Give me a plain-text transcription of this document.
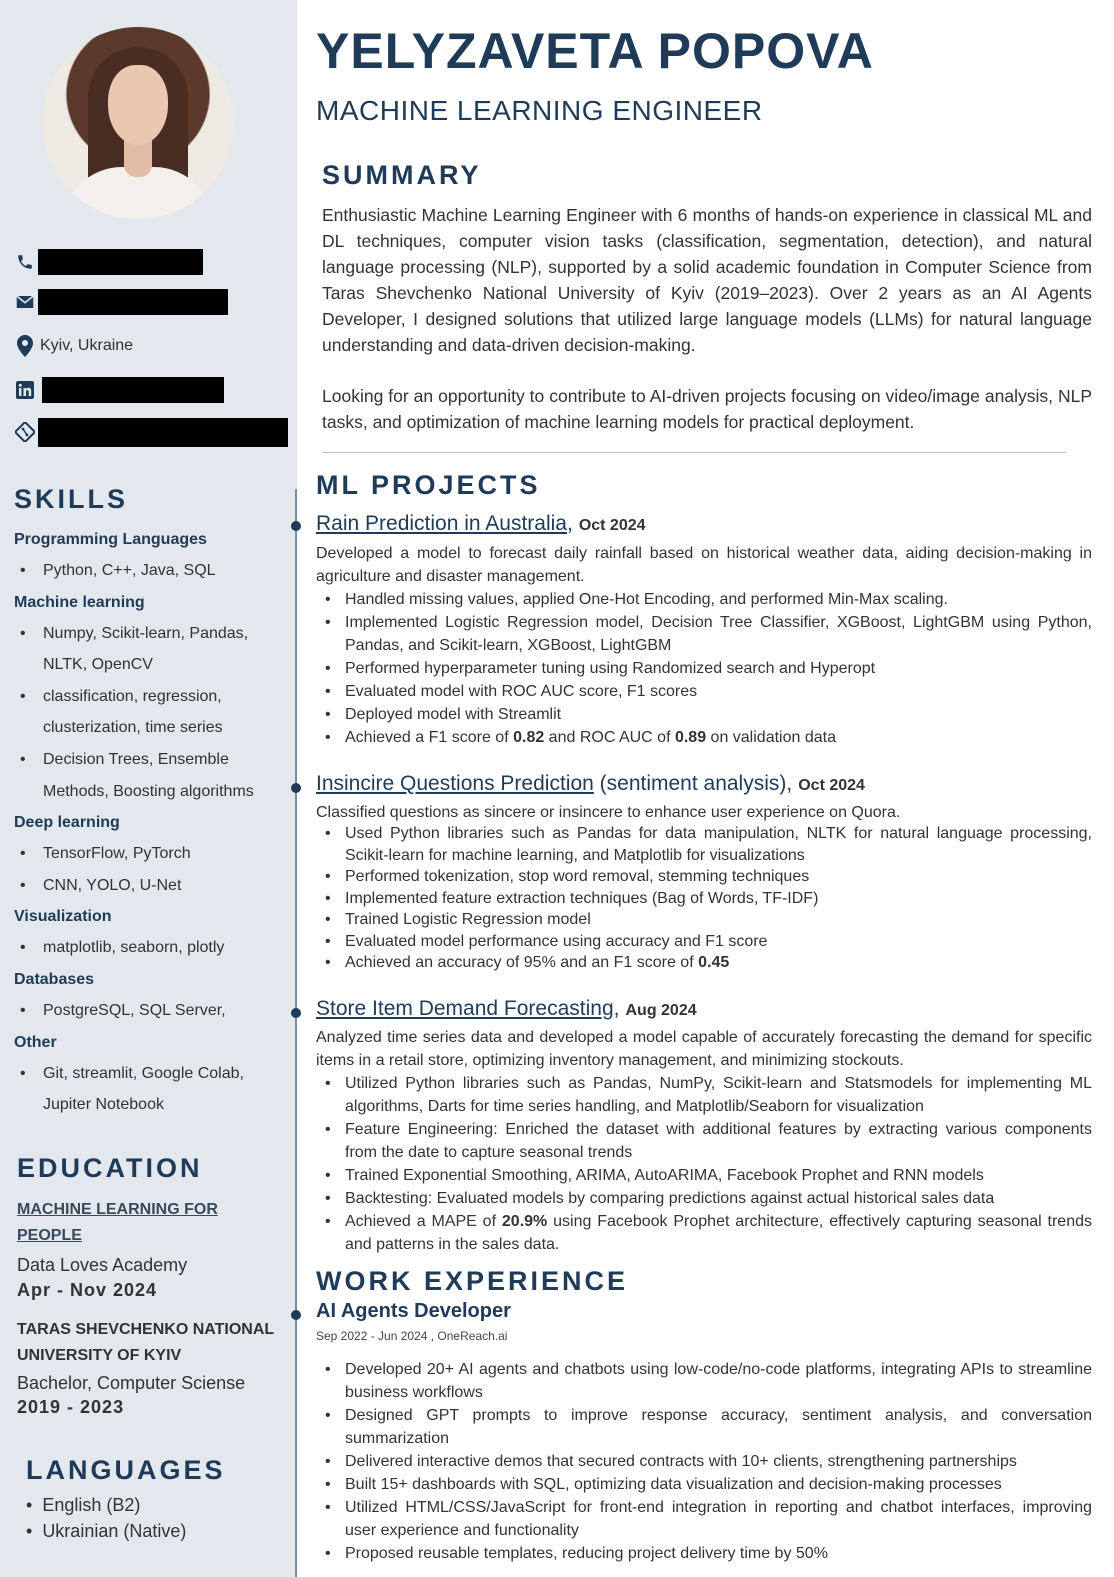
Kyiv, Ukraine
SKILLS
Programming Languages
• Python, C++, Java, SQL
Machine learning
• Numpy, Scikit-learn, Pandas, NLTK, OpenCV
• classification, regression, clusterization, time series
• Decision Trees, Ensemble Methods, Boosting algorithms
Deep learning
• TensorFlow, PyTorch
• CNN, YOLO, U-Net
Visualization
• matplotlib, seaborn, plotly
Databases
• PostgreSQL, SQL Server,
Other
• Git, streamlit, Google Colab, Jupiter Notebook
EDUCATION
MACHINE LEARNING FOR PEOPLE
Data Loves Academy
Apr - Nov 2024
TARAS SHEVCHENKO NATIONAL UNIVERSITY OF KYIV
Bachelor, Computer Sciense
2019 - 2023
LANGUAGES
•  English (B2)
•  Ukrainian (Native)
YELYZAVETA POPOVA
MACHINE LEARNING ENGINEER
SUMMARY

Enthusiastic Machine Learning Engineer with 6 months of hands-on experience in classical ML and DL techniques, computer vision tasks (classification, segmentation, detection), and natural language processing (NLP), supported by a solid academic foundation in Computer Science from Taras Shevchenko National University of Kyiv (2019–2023). Over 2 years as an AI Agents Developer, I designed solutions that utilized large language models (LLMs) for natural language understanding and data-driven decision-making.

Looking for an opportunity to contribute to AI-driven projects focusing on video/image analysis, NLP tasks, and optimization of machine learning models for practical deployment.

ML PROJECTS
Rain Prediction in Australia, Oct 2024
Developed a model to forecast daily rainfall based on historical weather data, aiding decision-making in agriculture and disaster management.
• Handled missing values, applied One-Hot Encoding, and performed Min-Max scaling.
• Implemented Logistic Regression model, Decision Tree Classifier, XGBoost, LightGBM using Python, Pandas, and Scikit-learn, XGBoost, LightGBM
• Performed hyperparameter tuning using Randomized search and Hyperopt
• Evaluated model with ROC AUC score, F1 scores
• Deployed model with Streamlit
• Achieved a F1 score of 0.82 and ROC AUC of 0.89 on validation data
Insincire Questions Prediction (sentiment analysis), Oct 2024
Classified questions as sincere or insincere to enhance user experience on Quora.
• Used Python libraries such as Pandas for data manipulation, NLTK for natural language processing, Scikit-learn for machine learning, and Matplotlib for visualizations
• Performed tokenization, stop word removal, stemming techniques
• Implemented feature extraction techniques (Bag of Words, TF-IDF)
• Trained Logistic Regression model
• Evaluated model performance using accuracy and F1 score
• Achieved an accuracy of 95% and an F1 score of 0.45
Store Item Demand Forecasting, Aug 2024
Analyzed time series data and developed a model capable of accurately forecasting the demand for specific items in a retail store, optimizing inventory management, and minimizing stockouts.
• Utilized Python libraries such as Pandas, NumPy, Scikit-learn and Statsmodels for implementing ML algorithms, Darts for time series handling, and Matplotlib/Seaborn for visualization
• Feature Engineering: Enriched the dataset with additional features by extracting various components from the date to capture seasonal trends
• Trained Exponential Smoothing, ARIMA, AutoARIMA, Facebook Prophet and RNN models
• Backtesting: Evaluated models by comparing predictions against actual historical sales data
• Achieved a MAPE of 20.9% using Facebook Prophet architecture, effectively capturing seasonal trends and patterns in the sales data.
WORK EXPERIENCE
AI Agents Developer
Sep 2022 - Jun 2024 , OneReach.ai
• Developed 20+ AI agents and chatbots using low-code/no-code platforms, integrating APIs to streamline business workflows
• Designed GPT prompts to improve response accuracy, sentiment analysis, and conversation summarization
• Delivered interactive demos that secured contracts with 10+ clients, strengthening partnerships
• Built 15+ dashboards with SQL, optimizing data visualization and decision-making processes
• Utilized HTML/CSS/JavaScript for front-end integration in reporting and chatbot interfaces, improving user experience and functionality
• Proposed reusable templates, reducing project delivery time by 50%
